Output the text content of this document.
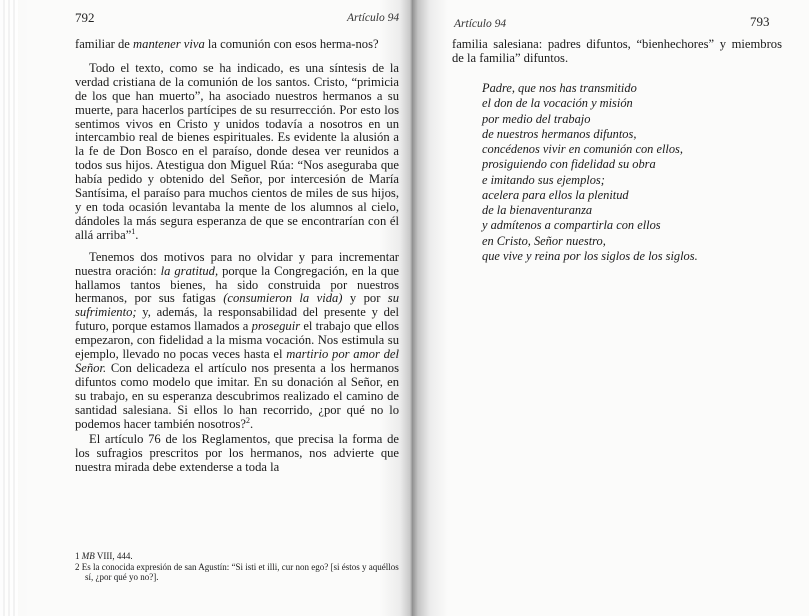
792	Artículo 94

familiar de mantener viva la comunión con esos herma-nos?

Todo el texto, como se ha indicado, es una síntesis de la verdad cristiana de la comunión de los santos. Cristo, “primicia de los que han muerto”, ha asociado nuestros hermanos a su muerte, para hacerlos partícipes de su resurrección. Por esto los sentimos vivos en Cristo y unidos todavía a nosotros en un intercambio real de bienes espirituales. Es evidente la alusión a la fe de Don Bosco en el paraíso, donde desea ver reunidos a todos sus hijos. Atestigua don Miguel Rúa: “Nos aseguraba que había pedido y obtenido del Señor, por intercesión de María Santísima, el paraíso para muchos cientos de miles de sus hijos, y en toda ocasión levantaba la mente de los alumnos al cielo, dándoles la más segura esperanza de que se encontrarían con él allá arriba”$^1$.

Tenemos dos motivos para no olvidar y para incrementar nuestra oración: la gratitud, porque la Congregación, en la que hallamos tantos bienes, ha sido construida por nuestros hermanos, por sus fatigas (consumieron la vida) y por su sufrimiento; y, además, la responsabilidad del presente y del futuro, porque estamos llamados a proseguir el trabajo que ellos empezaron, con fidelidad a la misma vocación. Nos estimula su ejemplo, llevado no pocas veces hasta el martirio por amor del Señor. Con delicadeza el artículo nos presenta a los hermanos difuntos como modelo que imitar. En su donación al Señor, en su trabajo, en su esperanza descubrimos realizado el camino de santidad salesiana. Si ellos lo han recorrido, ¿por qué no lo podemos hacer también nosotros?$^2$.

El artículo 76 de los Reglamentos, que precisa la forma de los sufragios prescritos por los hermanos, nos advierte que nuestra mirada debe extenderse a toda la

1 MB VIII, 444.
2 Es la conocida expresión de san Agustín: “Si isti et illi, cur non ego? [si éstos y aquéllos sí, ¿por qué yo no?].
Artículo 94	793

familia salesiana: padres difuntos, “bienhechores” y miembros de la familia” difuntos.

Padre, que nos has transmitido
el don de la vocación y misión
por medio del trabajo
de nuestros hermanos difuntos,
concédenos vivir en comunión con ellos,
prosiguiendo con fidelidad su obra
e imitando sus ejemplos;
acelera para ellos la plenitud
de la bienaventuranza
y admítenos a compartirla con ellos
en Cristo, Señor nuestro,
que vive y reina por los siglos de los siglos.
